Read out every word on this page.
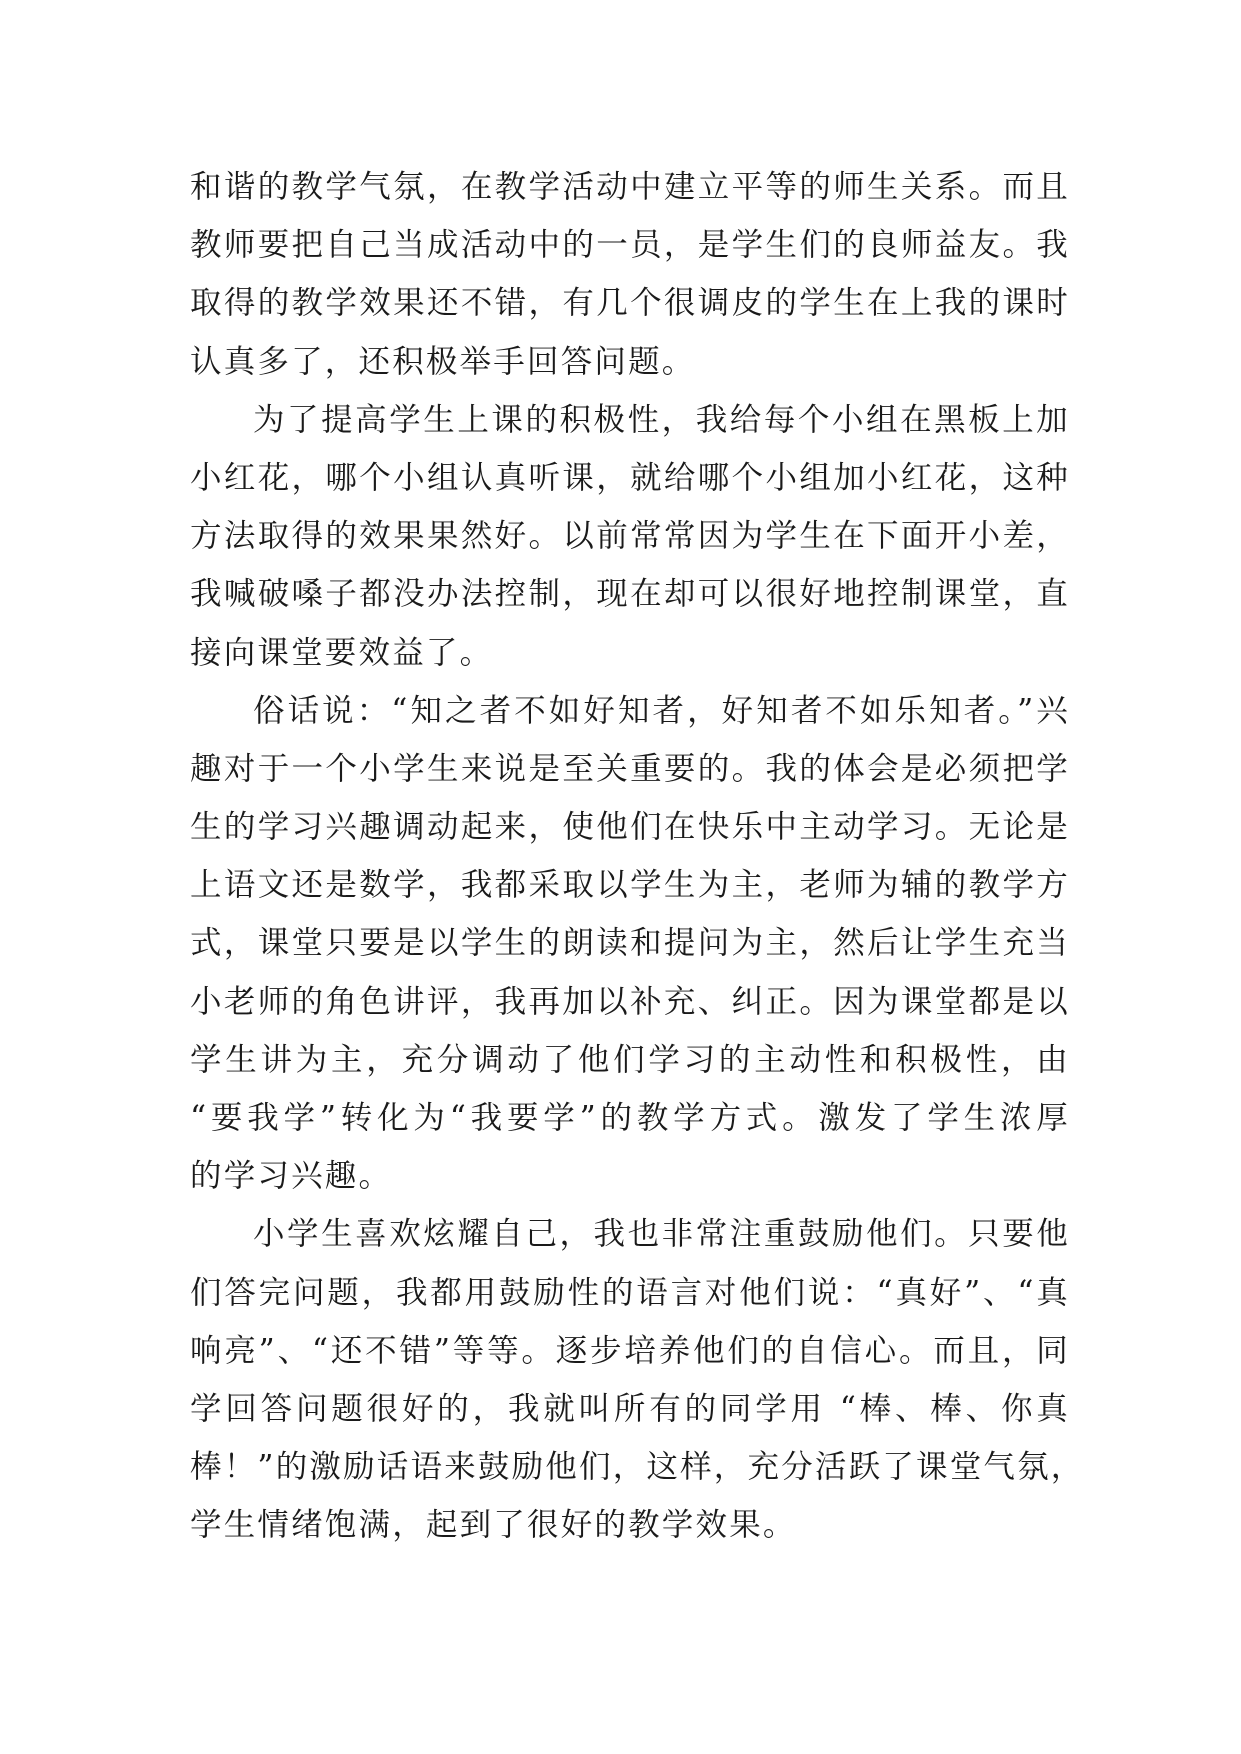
和谐的教学气氛，在教学活动中建立平等的师生关系。而且
教师要把自己当成活动中的一员，是学生们的良师益友。我
取得的教学效果还不错，有几个很调皮的学生在上我的课时
认真多了，还积极举手回答问题。
为了提高学生上课的积极性，我给每个小组在黑板上加
小红花，哪个小组认真听课，就给哪个小组加小红花，这种
方法取得的效果果然好。以前常常因为学生在下面开小差，
我喊破嗓子都没办法控制，现在却可以很好地控制课堂，直
接向课堂要效益了。
俗话说：“知之者不如好知者，好知者不如乐知者。”兴
趣对于一个小学生来说是至关重要的。我的体会是必须把学
生的学习兴趣调动起来，使他们在快乐中主动学习。无论是
上语文还是数学，我都采取以学生为主，老师为辅的教学方
式，课堂只要是以学生的朗读和提问为主，然后让学生充当
小老师的角色讲评，我再加以补充、纠正。因为课堂都是以
学生讲为主，充分调动了他们学习的主动性和积极性，由
“要我学”转化为“我要学”的教学方式。激发了学生浓厚
的学习兴趣。
小学生喜欢炫耀自己，我也非常注重鼓励他们。只要他
们答完问题，我都用鼓励性的语言对他们说：“真好”、“真
响亮”、“还不错”等等。逐步培养他们的自信心。而且，同
学回答问题很好的，我就叫所有的同学用 “棒、棒、你真
棒！”的激励话语来鼓励他们，这样，充分活跃了课堂气氛，
学生情绪饱满，起到了很好的教学效果。
